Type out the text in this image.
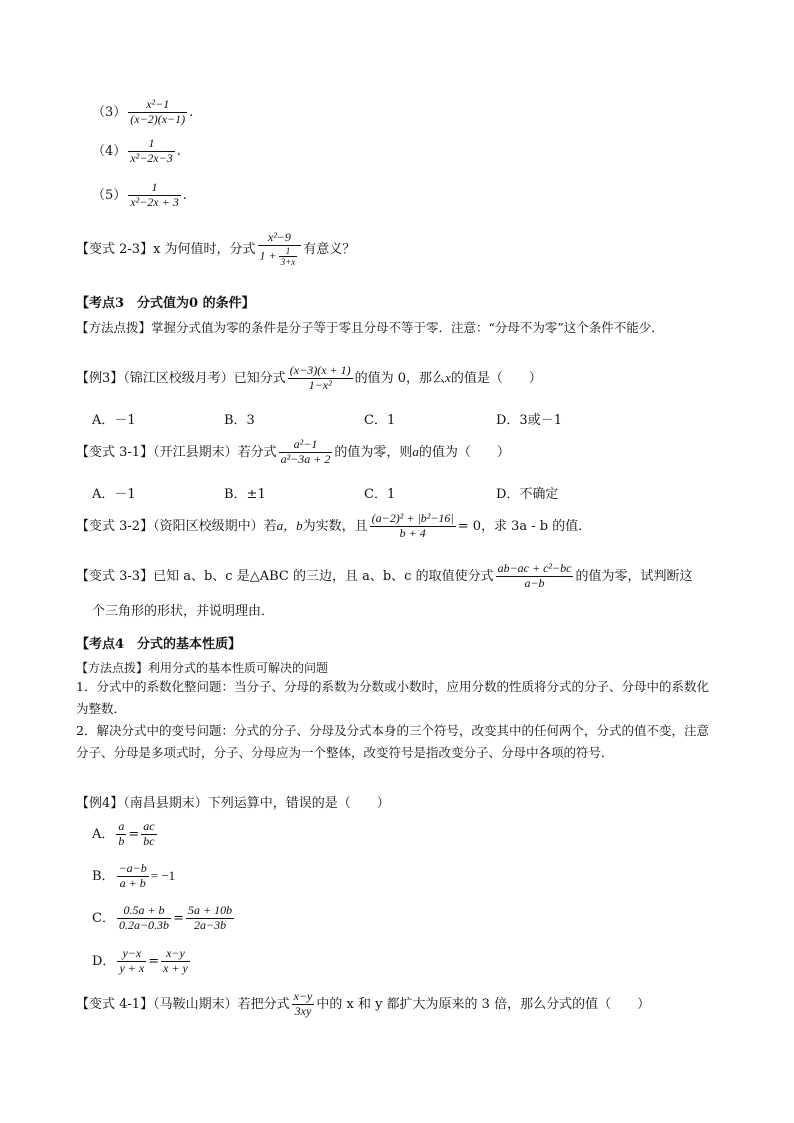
$(3) \frac{\text{x²−1}}{(x-2)(x-1)}$ .
$(4) \frac{1}{\text{x²−2x−3}}$ .
$(5) \frac{1}{\text{x²−2x + 3}}$ .
【变式 2-3】x 为何值时，分式 $\frac{\text{x²−9}}{1 + \frac{1}{3+x}}$ 有意义？
【考点3　分式值为0 的条件】
【方法点拨】掌握分式值为零的条件是分子等于零且分母不等于零．注意：“分母不为零”这个条件不能少．
【例3】（锦江区校级月考）已知分式 $\frac{(x-3)(x + 1)}{\text{1−x²}}$ 的值为 0，那么x的值是（　　）
A．－1	B．3	C．1	D．3或－1
【变式 3-1】（开江县期末）若分式 $\frac{\text{a²−1}}{\text{a²−3a + 2}}$ 的值为零，则a的值为（　　）
A．－1	B．±1	C．1	D．不确定
【变式 3-2】（资阳区校级期中）若a，b为实数，且 $\frac{\text{(a−2)² + |b²−16|}}{b + 4} = 0$，求 3a - b 的值．
【变式 3-3】已知 a、b、c 是△ABC 的三边，且 a、b、c 的取值使分式 $\frac{\text{ab−ac + c²−bc}}{a-b}$ 的值为零，试判断这
个三角形的形状，并说明理由．
【考点4　分式的基本性质】
【方法点拨】利用分式的基本性质可解决的问题
1．分式中的系数化整问题：当分子、分母的系数为分数或小数时，应用分数的性质将分式的分子、分母中的系数化为整数．
2．解决分式中的变号问题：分式的分子、分母及分式本身的三个符号，改变其中的任何两个，分式的值不变，注意分子、分母是多项式时，分子、分母应为一个整体，改变符号是指改变分子、分母中各项的符号．
【例4】（南昌县期末）下列运算中，错误的是（　　）
A． $\frac{a}{b} = \frac{ac}{bc}$
B． $\frac{-a-b}{a + b} = -1$
C． $\frac{0.5a + b}{0.2a-0.3b} = \frac{5a + 10b}{2a-3b}$
D． $\frac{y-x}{y + x} = \frac{x-y}{x + y}$
【变式 4-1】（马鞍山期末）若把分式 $\frac{x-y}{3xy}$ 中的 x 和 y 都扩大为原来的 3 倍，那么分式的值（　　）
